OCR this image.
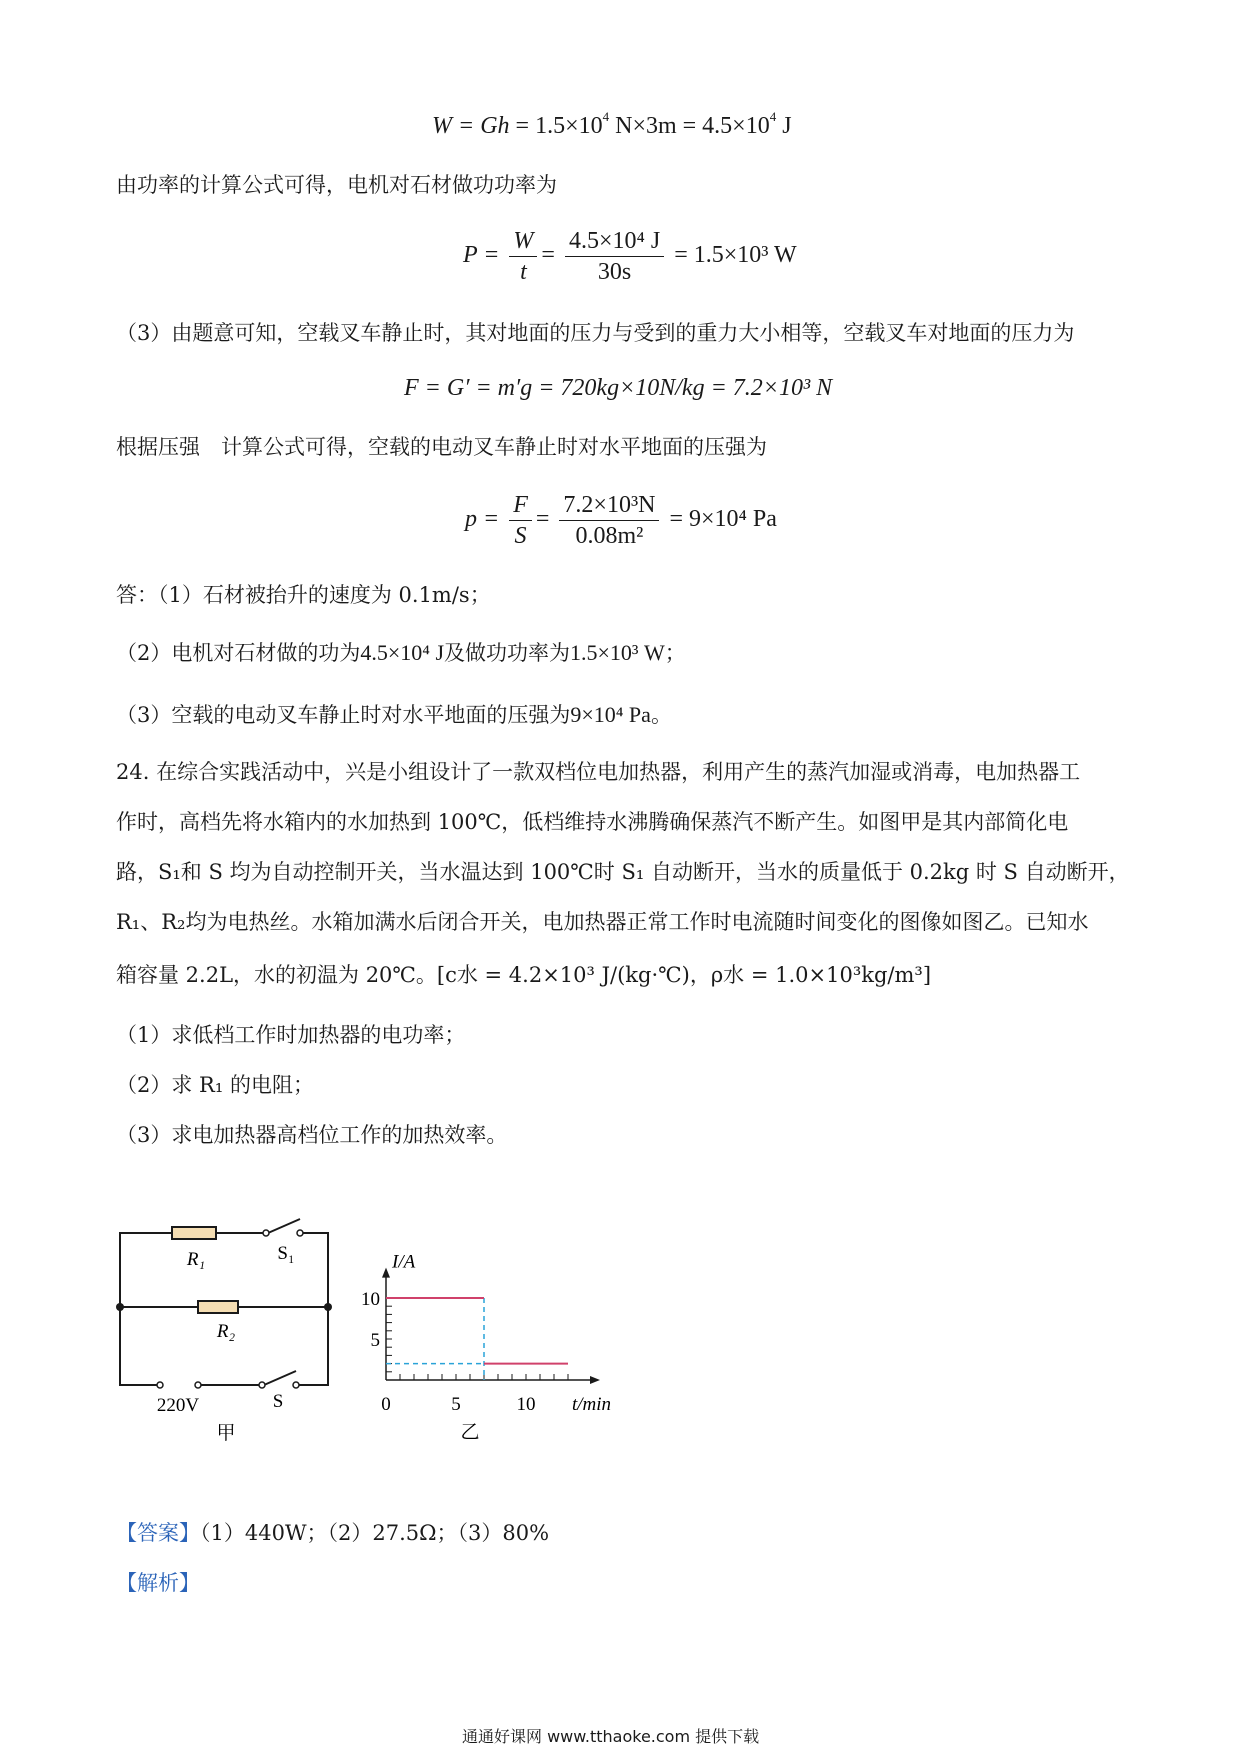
$W = Gh = 1.5\times 10^4$ $N\times 3m = 4.5\times 10^4$ J
由功率的计算公式可得，电机对石材做功功率为
$P = \frac{W}{t} = \frac{\text{4.5×10⁴ J}}{30s} = 1.5\times 10^3$ W
（3）由题意可知，空载叉车静止时，其对地面的压力与受到的重力大小相等，空载叉车对地面的压力为
F = G′ = m′g = 720kg×10N/kg = 7.2×10³ N
根据压强　计算公式可得，空载的电动叉车静止时对水平地面的压强为
$p = \frac{F}{S} = \frac{\text{7.2×10³N}}{\text{0.08m²}} = 9\times 10^4$ Pa
答：（1）石材被抬升的速度为 0.1m/s；
（2）电机对石材做的功为4.5×10⁴ J及做功功率为1.5×10³ W；
（3）空载的电动叉车静止时对水平地面的压强为9×10⁴ Pa。
24. 在综合实践活动中，兴是小组设计了一款双档位电加热器，利用产生的蒸汽加湿或消毒，电加热器工
作时，高档先将水箱内的水加热到 100℃，低档维持水沸腾确保蒸汽不断产生。如图甲是其内部简化电
路，S₁和 S 均为自动控制开关，当水温达到 100℃时 S₁ 自动断开，当水的质量低于 0.2kg 时 S 自动断开，
R₁、R₂均为电热丝。水箱加满水后闭合开关，电加热器正常工作时电流随时间变化的图像如图乙。已知水
箱容量 2.2L，水的初温为 20℃。[c水 = 4.2×10³ J/(kg·℃)，ρ水 = 1.0×10³kg/m³]
（1）求低档工作时加热器的电功率；
（2）求 R₁ 的电阻；
（3）求电加热器高档位工作的加热效率。
R₁	S₁
R₂
220V	S
甲
0	5	10
5
10
I/A
t/min
乙
【答案】（1）440W；（2）27.5Ω；（3）80%
【解析】
通通好课网 www.tthaoke.com 提供下载
